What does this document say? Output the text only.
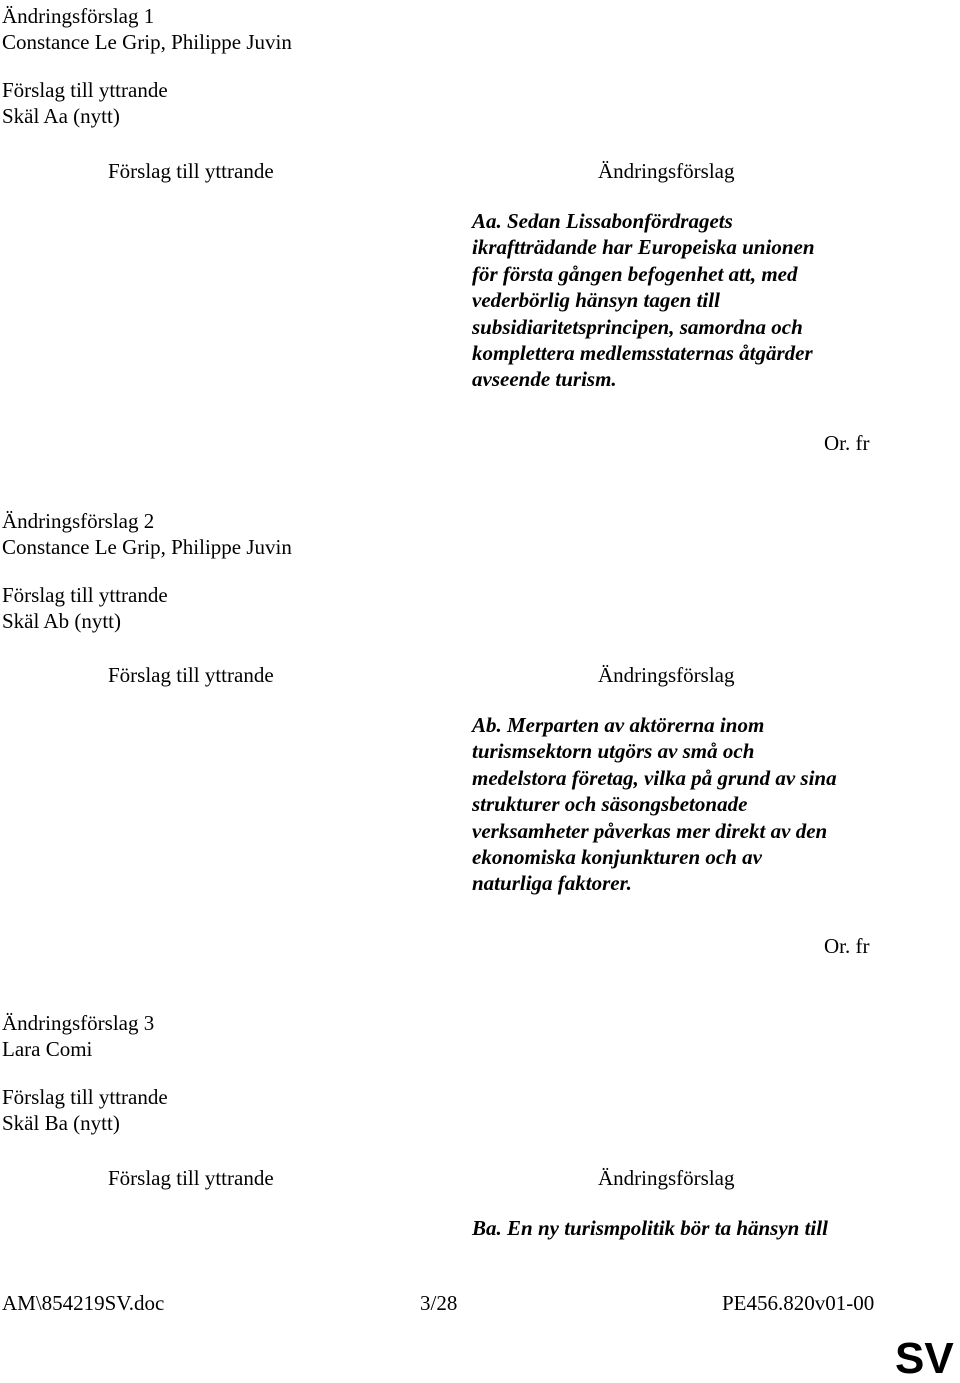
Ändringsförslag 1
Constance Le Grip, Philippe Juvin
Förslag till yttrande
Skäl Aa (nytt)
Förslag till yttrande	Ändringsförslag
Aa. Sedan Lissabonfördragets
ikraftträdande har Europeiska unionen
för första gången befogenhet att, med
vederbörlig hänsyn tagen till
subsidiaritetsprincipen, samordna och
komplettera medlemsstaternas åtgärder
avseende turism.
Or. fr
Ändringsförslag 2
Constance Le Grip, Philippe Juvin
Förslag till yttrande
Skäl Ab (nytt)
Förslag till yttrande	Ändringsförslag
Ab. Merparten av aktörerna inom
turismsektorn utgörs av små och
medelstora företag, vilka på grund av sina
strukturer och säsongsbetonade
verksamheter påverkas mer direkt av den
ekonomiska konjunkturen och av
naturliga faktorer.
Or. fr
Ändringsförslag 3
Lara Comi
Förslag till yttrande
Skäl Ba (nytt)
Förslag till yttrande	Ändringsförslag
Ba. En ny turismpolitik bör ta hänsyn till
AM\854219SV.doc	3/28	PE456.820v01-00
SV
